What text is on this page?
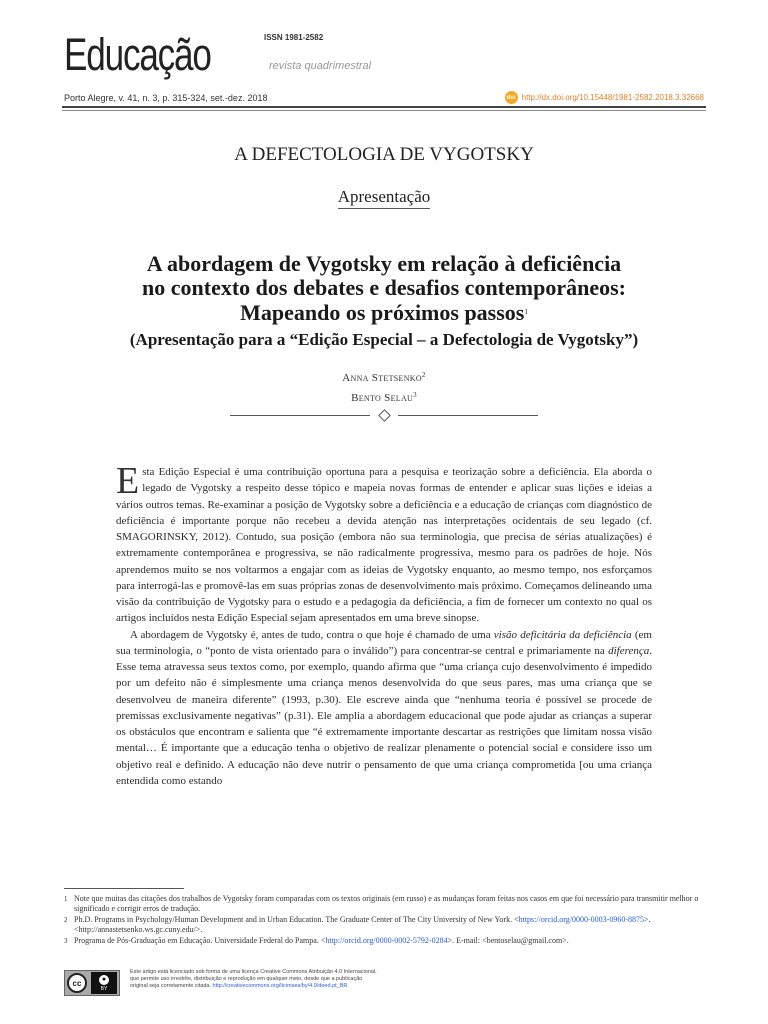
Educação	ISSN 1981-2582
revista quadrimestral
Porto Alegre, v. 41, n. 3, p. 315-324, set.-dez. 2018	doi http://dx.doi.org/10.15448/1981-2582.2018.3.32668
A DEFECTOLOGIA DE VYGOTSKY
Apresentação
A abordagem de Vygotsky em relação à deficiência
no contexto dos debates e desafios contemporâneos:
Mapeando os próximos passos$^1$
(Apresentação para a “Edição Especial – a Defectologia de Vygotsky”)
Anna Stetsenko$^2$
Bento Selau$^3$

Esta Edição Especial é uma contribuição oportuna para a pesquisa e teorização sobre a deficiência. Ela aborda o legado de Vygotsky a respeito desse tópico e mapeia novas formas de entender e aplicar suas lições e ideias a vários outros temas. Re-examinar a posição de Vygotsky sobre a deficiência e a educação de crianças com diagnóstico de deficiência é importante porque não recebeu a devida atenção nas interpretações ocidentais de seu legado (cf. SMAGORINSKY, 2012). Contudo, sua posição (embora não sua terminologia, que precisa de sérias atualizações) é extremamente contemporânea e progressiva, se não radicalmente progressiva, mesmo para os padrões de hoje. Nós aprendemos muito se nos voltarmos a engajar com as ideias de Vygotsky enquanto, ao mesmo tempo, nos esforçamos para interrogá-las e promovê-las em suas próprias zonas de desenvolvimento mais próximo. Começamos delineando uma visão da contribuição de Vygotsky para o estudo e a pedagogia da deficiência, a fim de fornecer um contexto no qual os artigos incluídos nesta Edição Especial sejam apresentados em uma breve sinopse.

A abordagem de Vygotsky é, antes de tudo, contra o que hoje é chamado de uma visão deficitária da deficiência (em sua terminologia, o “ponto de vista orientado para o inválido”) para concentrar-se central e primariamente na diferença. Esse tema atravessa seus textos como, por exemplo, quando afirma que “uma criança cujo desenvolvimento é impedido por um defeito não é simplesmente uma criança menos desenvolvida do que seus pares, mas uma criança que se desenvolveu de maneira diferente” (1993, p.30). Ele escreve ainda que “nenhuma teoria é possível se procede de premissas exclusivamente negativas” (p.31). Ele amplia a abordagem educacional que pode ajudar as crianças a superar os obstáculos que encontram e salienta que “é extremamente importante descartar as restrições que limitam nossa visão mental… É importante que a educação tenha o objetivo de realizar plenamente o potencial social e considere isso um objetivo real e definido. A educação não deve nutrir o pensamento de que uma criança comprometida [ou uma criança entendida como estando

1 Note que muitas das citações dos trabalhos de Vygotsky foram comparadas com os textos originais (em russo) e as mudanças foram feitas nos casos em que foi necessário para transmitir melhor o significado e corrigir erros de tradução.
2 Ph.D. Programs in Psychology/Human Development and in Urban Education. The Graduate Center of The City University of New York. <https://orcid.org/0000-0003-0960-8875>. <http://annastetsenko.ws.gc.cuny.edu/>.
3 Programa de Pós-Graduação em Educação. Universidade Federal do Pampa. <http://orcid.org/0000-0002-5792-0284>. E-mail: <bentoselau@gmail.com>.
cc	●
BY
Este artigo está licenciado sob forma de uma licença Creative Commons Atribuição 4.0 Internacional,
que permite uso irrestrito, distribuição e reprodução em qualquer meio, desde que a publicação
original seja corretamente citada. http://creativecommons.org/licenses/by/4.0/deed.pt_BR
